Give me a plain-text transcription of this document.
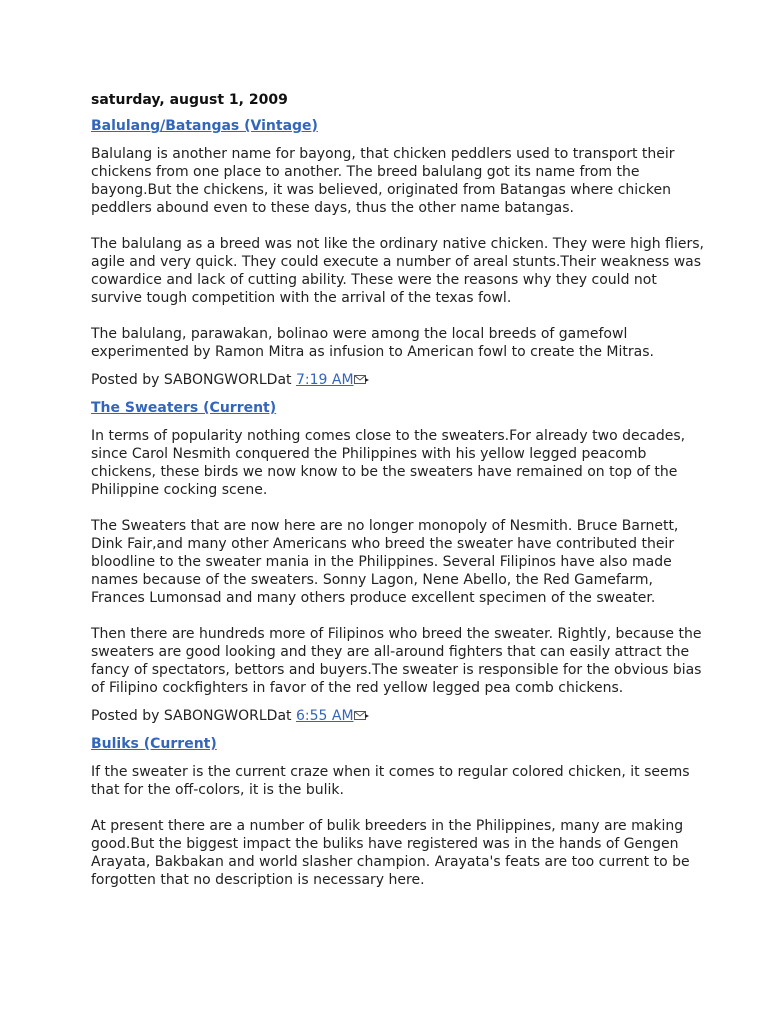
saturday, august 1, 2009
Balulang/Batangas (Vintage)

Balulang is another name for bayong, that chicken peddlers used to transport their chickens from one place to another. The breed balulang got its name from the bayong.But the chickens, it was believed, originated from Batangas where chicken peddlers abound even to these days, thus the other name batangas.

The balulang as a breed was not like the ordinary native chicken. They were high fliers, agile and very quick. They could execute a number of areal stunts.Their weakness was cowardice and lack of cutting ability. These were the reasons why they could not survive tough competition with the arrival of the texas fowl.

The balulang, parawakan, bolinao were among the local breeds of gamefowl experimented by Ramon Mitra as infusion to American fowl to create the Mitras.

Posted by SABONGWORLDat 7:19 AM
The Sweaters (Current)

In terms of popularity nothing comes close to the sweaters.For already two decades, since Carol Nesmith conquered the Philippines with his yellow legged peacomb chickens, these birds we now know to be the sweaters have remained on top of the Philippine cocking scene.

The Sweaters that are now here are no longer monopoly of Nesmith. Bruce Barnett, Dink Fair,and many other Americans who breed the sweater have contributed their bloodline to the sweater mania in the Philippines. Several Filipinos have also made names because of the sweaters. Sonny Lagon, Nene Abello, the Red Gamefarm, Frances Lumonsad and many others produce excellent specimen of the sweater.

Then there are hundreds more of Filipinos who breed the sweater. Rightly, because the sweaters are good looking and they are all-around fighters that can easily attract the fancy of spectators, bettors and buyers.The sweater is responsible for the obvious bias of Filipino cockfighters in favor of the red yellow legged pea comb chickens.

Posted by SABONGWORLDat 6:55 AM
Buliks (Current)

If the sweater is the current craze when it comes to regular colored chicken, it seems that for the off-colors, it is the bulik.

At present there are a number of bulik breeders in the Philippines, many are making good.But the biggest impact the buliks have registered was in the hands of Gengen Arayata, Bakbakan and world slasher champion. Arayata's feats are too current to be forgotten that no description is necessary here.
